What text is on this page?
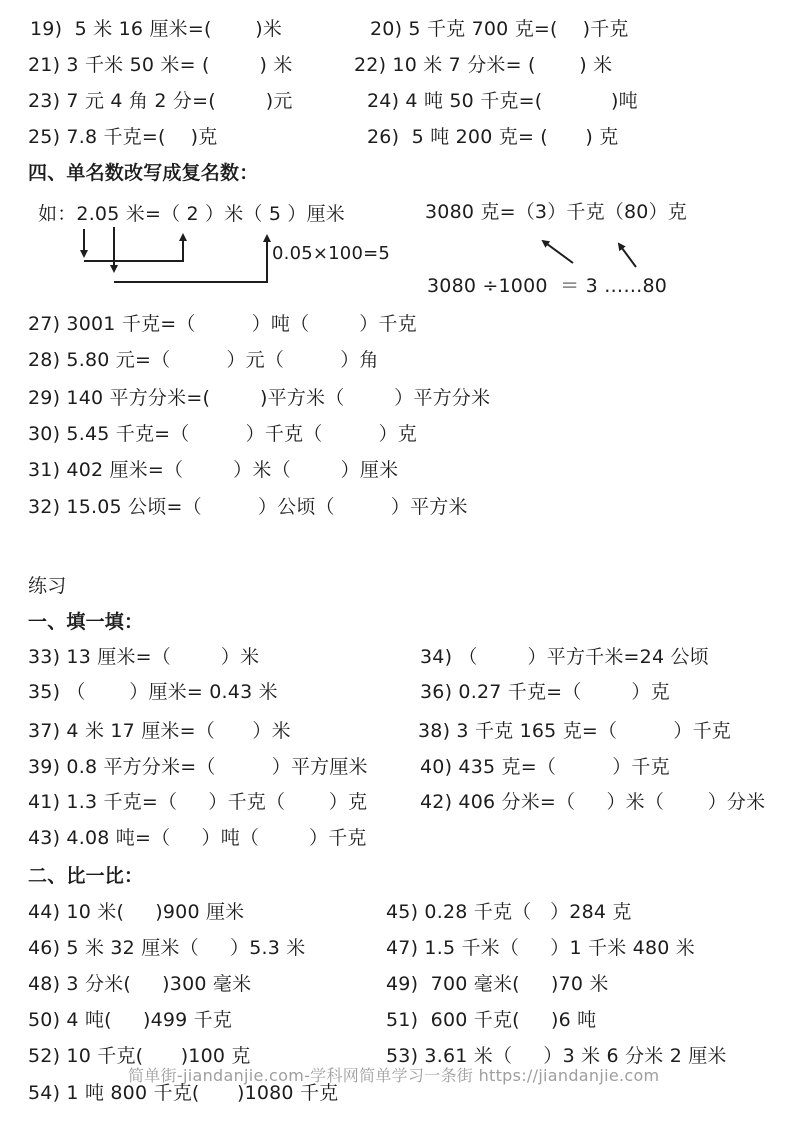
19)  5 米 16 厘米=(       )米	20) 5 千克 700 克=(    )千克
21) 3 千米 50 米= (        ) 米	22) 10 米 7 分米= (       ) 米
23) 7 元 4 角 2 分=(        )元	24) 4 吨 50 千克=(           )吨
25) 7.8 千克=(    )克	26)  5 吨 200 克= (      ) 克
四、单名数改写成复名数：
如：2.05 米=（ 2 ）米（ 5 ）厘米
0.05×100=5
3080 克=（3）千克（80）克
3080 ÷1000  ＝ 3 ……80
27) 3001 千克=（         ）吨（        ）千克
28) 5.80 元=（         ）元（         ）角
29) 140 平方分米=(        )平方米（        ）平方分米
30) 5.45 千克=（         ）千克（         ）克
31) 402 厘米=（        ）米（        ）厘米
32) 15.05 公顷=（         ）公顷（         ）平方米
练习
一、填一填：
33) 13 厘米=（        ）米	34) （        ）平方千米=24 公顷
35) （       ）厘米= 0.43 米	36) 0.27 千克=（        ）克
37) 4 米 17 厘米=（      ）米	38) 3 千克 165 克=（         ）千克
39) 0.8 平方分米=（         ）平方厘米	40) 435 克=（         ）千克
41) 1.3 千克=（     ）千克（       ）克	42) 406 分米=（     ）米（       ）分米
43) 4.08 吨=（     ）吨（        ）千克
二、比一比：
44) 10 米(     )900 厘米	45) 0.28 千克（   ）284 克
46) 5 米 32 厘米（     ）5.3 米	47) 1.5 千米（     ）1 千米 480 米
48) 3 分米(     )300 毫米	49)  700 毫米(     )70 米
50) 4 吨(     )499 千克	51)  600 千克(     )6 吨
52) 10 千克(      )100 克	53) 3.61 米（     ）3 米 6 分米 2 厘米
简单街-jiandanjie.com-学科网简单学习一条街 https://jiandanjie.com
54) 1 吨 800 千克(      )1080 千克
